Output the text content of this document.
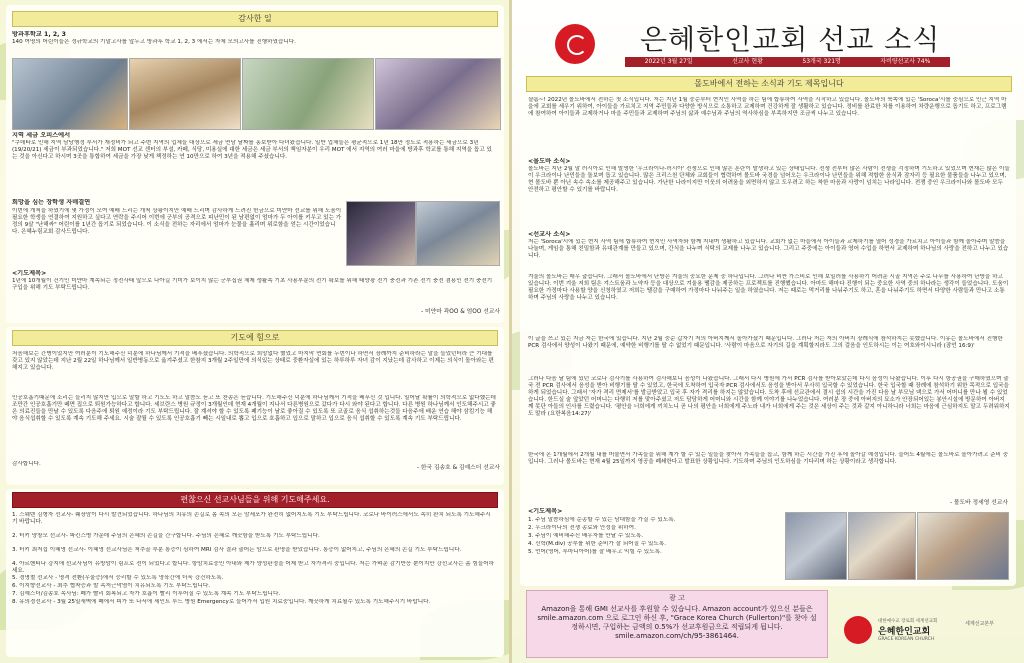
감사한 일
방과후학교 1, 2, 3
140 여명의 어린이들은 정규학교의 기말고사를 앞두고 방과후 학교 1, 2, 3 에서는 자체 모의고사를 진행하였습니다.
지역 세금 오피스에서
"쿠데타로 인해 지역 담당행정 부서가 재정비가 되고 주변 지역의 업체들 대상으로 세금 면담 날짜를 홍보받아 다녀왔습니다. 일반 업체들은 평균적으로 1년 18만 정도로 적용하는 세금으로 3년 (19/20/21) 세금이 부과되었습니다." 저희 MOT 선교 센터의 부설, 카페, 식당, 미용실에 대한 세금은 세금 부서의 책임자분이 우리 MOT 에서 지역의 여러 마을에 방과후 학교를 통해 지역을 돕고 있는 것을 아신다고 하시며 3곳을 통합하여 세금을 가장 낮게 책정하는 연 10만으로 하여 3년을 적용해 주셨습니다.
희망을 심는 장학생 자매결연
이번에 개척을 하였기에 몇 가정이 모여 예배 드리는 개척 상황이지만 예배 드리며 감사하게 드려진 헌금으로 미얀마 선교를 위해 도움이 필요한 학생을 연결하여 지원하고 싶다고 연락을 주시어 이번에 군부의 공격으로 피난민이 된 남편없이 엄마가 두 아이를 키우고 있는 가정의 9살 "난해싸" 어린이를 1년간 돕기로 되었습니다. 이 소식을 전하는 자리에서 엄마가 눈물을 흘리며 위로함을 얻는 시간이었습니다. 은혜누림교회 감사드립니다.
<기도제목>
1년에 10개월이 건기인 미얀마 계속되는 정전사태 앞으로 나아길 기미가 보이지 않는 군부집권 체제 생활속 기초 사용부분의 전기 확보를 위해 태양광 전기 충전과 기존 전기 충전 겸용인 전기 충전기 구입을 위해 기도 부탁드립니다.
- 미얀마 곽OO & 엄OO 선교사
기도에 힘으로
처음해보는 간병이었지만 여러분이 기도해주신 덕분에 하나님께서 기적을 베푸셨습니다. 의학적으로 희망없다 했었고 마지막 면회를 두번이나 하면서 장례까지 준비하라는 말을 들었던터라 큰 기대를 갖고 있지 않았는데 지난 2월 22일 하나님께서 일반병동으로 옮겨주셨고 한참지 3개월 2주일만에 의식있는 상태로 중환자실에 있는 하루하루 자녀 감이 지났는데 감사하고 이제는 의식이 돌아와는 편해지고 있습니다.
인공호흡기때문에 소리는 들리지 않지만 입으로 말할 하고 기도도 하고 말씀도 듣고 또 찬송은 듣습니다. 기도해주신 덕분에 하나님께서 기적을 베푸신 것 입니다. 일어날 확률이 의학적으로 없다했는데 조만간 인공호흡기만 떼면 집으로 퇴원가능하다고 합니다. 세브란스 병원 규정이 3개월인데 현재 4개월이 지나서 다른병원으로 갔다가 다시 와야 된다고 합니다. 다른 병원 하나님께서 인도해주시고 좋은 의료진들을 만날 수 있도록 다음주에 퇴원 예정이라 기도 부탁드립니다. 잘 계셔야 할 수 있도록 폐기능이 날로 좋아질 수 있도록 또 코골로 음식 섭취하는것들 다음주에 배운 연습 해야 삼킴기능 해야 음식섭취할 수 있도록 계속 기도해 주세요. 시술 잘될 수 있도록 인공호흡기 빼는 시일내로 뽑고 입으로 호흡하고 입으로 말하고 입으로 음식 섭취할 수 있도록 계속 기도 부탁드립니다.
감사합니다.
- 한국 김송호 & 김예스더 선교사
편찮으신 선교사님들을 위해 기도해주세요.
1. 스웨덴 김형자 선교사- 췌장암이 다시 발견되었습니다. 하나님의 치유의 손길로 몸 속의 모든 암세포가 완전히 없어지도록 기도 부탁드립니다. 코로나 바이러스에서도 속히 완치 되도록 기도해주시기 바랍니다.
2. 터키 양창모 선교사- 파킨스병 가운데 주님의 은혜의 손길을 간구합니다. 주님의 은혜로 깨끗함을 받도록 기도 부탁드립니다.
3. 터키 최저섭 이혜영 선교사- 이혜영 선교사님은 척추골 부분 통증이 심하여 MRI 검사 결과 출어든 암으로 판명을 받았습니다. 통증이 없어지고, 주님의 은혜의 손길 기도 부탁드립니다.
4. 아르헨티나 강지애 선교사님이 유방암이 림프로 전이 되었다고 합니다. 항암치료중인 아내와 제가 양성판정을 어제 받고 자가격리 중입니다. 저는 가벼운 감기반응 뿐이지만 강선교사는 좀 힘들어하세요.
5. 경명철 선교사 - 명격 전환(우울증)에서 승리할 수 있도록 영육간에 더욱 강건하도록.
6. 이지향선교사 - 최추 협착증과 발 족저근막염이 치유되도록 기도 부탁드립니다.
7. 김예스더/김송호 목사님: 폐가 빨리 회복되고 자가 호흡이 빨리 이루어질 수 있도록 계속 기도 부탁드립니다.
8. 유의경선교사 - 3월 25일새벽에 폐에서 피가 또 나서에 세인트 루드 병원 Emergency로 들어가서 입원 치료중입니다. 깨끗하게 치료될수 있도록 기도해주시기 바랍니다.
은혜한인교회 선교 소식
2022년 3월 27일	선교사 현황	53개국 321명	자비량선교사 74%
몰도바에서 전하는 소식과 기도 제목입니다
샬롬~! 2022년 몰도바에서 전하는 첫 소식입니다. 저는 지난 1월 중순부터 현지인 사역을 하는 팀에 합류하여 사역을 시작하고 있습니다. 몰도바의 북쪽에 있는 'Soroca'시를 중심으로 인근 지역 마을에 교회를 세우기 위하여, 아이들을 가르치고 지역 주민들과 다양한 방식으로 소통하고 교제하며 건강하게 잘 생활하고 있습니다. 정비를 완료한 차를 이용하여 차량운행으로 돕기도 하고, 프로그램에 참여하여 아이들과 교제하거나 마을 주민들과 교제하며 주님의 삶과 예수님과 주님의 역사하심을 부족하지만 조금씩 나누고 있습니다.
<몰도바 소식>
몰도바는 지난 2월 말 러시아로 인해 발생한 '우크라이나-러시아' 전쟁으로 인해 많은 혼란이 발생하고 있는 상태입니다. 전쟁 전부터 많은 사람이 전쟁을 걱정하며 기도하고 있었으며 현재는 많은 이들이 우크라이나 난민들을 돌보며 돕고 있습니다. 많은 크리스천 단체와 교회들이 협력하여 몰도바 국경을 넘어오는 우크라이나 난민들을 위해 적합한 음식과 잠자리 등 필요한 물품들을 나누고 있으며, 현 몰도바 뿐 아닌 속수 속소를 제공해주고 있습니다. 가난한 나라이지만 이웃의 어려움을 외면하지 않고 도우려고 하는 착한 마음과 사랑이 넘치는 나라입니다. 전쟁 중인 우크라이나와 몰도바 모두 안전하고 평안할 수 있기를 바랍니다.
<선교사 소식>
저는 'Soroca'시에 있는 현지 사역 팀에 합류하여 현지인 사역자와 함께 지내며 생활하고 있습니다. 교회가 없는 마을에서 아이들과 교제하기를 열어 성경을 가르치고 아이들과 함께 놀아주며 말씀을 나눌며, 게임을 통해 친밀함과 유대관계를 만들고 있으며, 간식을 나누며 식탁의 교제를 나누고 있습니다. 그리고 주중에는 아이들과 영어 수업을 하면서 교제하며 하나님의 사랑을 전하고 나누고 있습니다.
겨울의 몰도바는 매우 춥습니다. 그래서 몰도바에서 난방은 겨울의 중요한 문제 중 하나입니다. 그러나 비싼 가스비로 인해 보일러를 사용하기 어려운 시골 지역은 주로 나무를 사용하여 난방을 하고 있습니다. 이번 겨울 저희 팀은 겨스트움과 노약자 등을 대상으로 겨울용 땔감을 제공하는 프로젝트를 진행했습니다. 아마도 해마다 진행이 되는 중요한 사역 중의 하나라는 생각이 들었습니다. 도움이 필요한 가정마다 사용할 양을 신청하였고 저희는 땔감을 구매하여 가정마다 나눠주는 일을 하였습니다. 저는 때로는 먹거리를 나눠주기도 하고, 혼을 나눠주기도 하면서 다양한 사람들과 만나고 소통하며 주님의 사랑을 나누고 있습니다.
이 글을 쓰고 있는 지금 저는 한국에 있습니다. 지난 2월 중순 갑자기 저의 아버지께서 돌아가셨기 때문입니다. 그러나 저는 저의 아버지 장례식에 참석하지는 못했습니다. 이유는 몰도바에서 진행한 PCR 검사에서 양성이 나왔기 때문에, 예약한 비행기를 탈 수 없었기 때문입니다. '사람이 마음으로 자기의 길을 계획할지라도 그의 걸음을 인도하시는 이는 여호와이시니라 (잠언 16:9)'
그러나 다음 날 팀에 있던 코로나 검사기를 사용하여 검사해보니 음성이 나왔습니다. 그래서 다시 병원에 가서 PCR 검사를 받아보았는데 다시 음성이 나왔습니다. 이후 다시 항공권을 구매하였으며 출국 전 PCR 검사에서 음성을 받아 비행기를 탈 수 있었고, 한국에 도착하여 입국자 PCR 검사에서도 음성을 받아서 무사히 입국할 수 있었습니다. 한국 입국할 때 장례에 참석하기 위한 목적으로 입국을 하게 되었습니다. 그래서 '자가 격리 면제서'를 발급받았고 입국 후 자가 격리를 하지는 않았습니다. 도착 후에 선교관에서 결시 쉼의 시간을 가진 다음 날 부모님 댁으로 가서 어머니를 만나 뵐 수 있었습니다. 한드실 술 앞았던 어머니는 다행히 저를 맞아주셨고 저도 담담하게 어머니와 시간을 함께 이야기를 나누었습니다. 여러분 장 중에 아버지의 묘소가 안장되어있는 봉안시설에 방문하여 아버지께 못단 아들의 인사를 드렸습니다. '평안을 너희에게 끼치노니 곧 나의 평안을 너희에게 주노라 내가 너희에게 주는 것은 세상이 주는 것과 같지 아니하니라 너희는 마음에 근심하지도 말고 두려워하지도 말라 (요한복음14:27)'
한국에 온 1개월에서 2개월 내를 머물면서 가족들을 위해 계가 할 수 있는 일들을 찾아서 가족들을 돕고, 함께 하는 시간을 가진 후에 돌아갈 예정입니다. 늘어도 4월에는 몰도바로 돌아가려고 준비 중입니다. 그러나 몰도바는 현재 4월 25일까지 영공을 폐쇄한다고 발표한 상황입니다. 기도하며 주님의 인도하심을 기다리며 하는 상황이라고 생각합니다.
- 몰도바 정세영 선교사
<기도제목>
1. 주님 말씀하심에 순종할 수 있는 담대함을 가질 수 있도록.
2. 우크라이나의 전쟁 종료와 안정을 위하여.
3. 주님이 예비해주신 배우자를 만날 수 있도록.
4. 신학(M.div) 공부를 위한 준비가 잘 되어질 수 있도록.
5. 언어(영어, 루마니아어)를 잘 배우고 익힐 수 있도록.
광 고
Amazon을 통해 GMI 선교사를 후원할 수 있습니다. Amazon account가 있으신 분들은 smile.amazon.com 으로 로그인 하신 후, "Grace Korea Church (Fullerton)"를 찾아 설정하시면, 구입하는 금액의 0.5%가 선교후원금으로 적립되게 됩니다. smile.amazon.com/ch/95-3861464.
대한예수교 장로회 세계선교회
은혜한인교회
GRACE KOREAN CHURCH
세계선교본부
